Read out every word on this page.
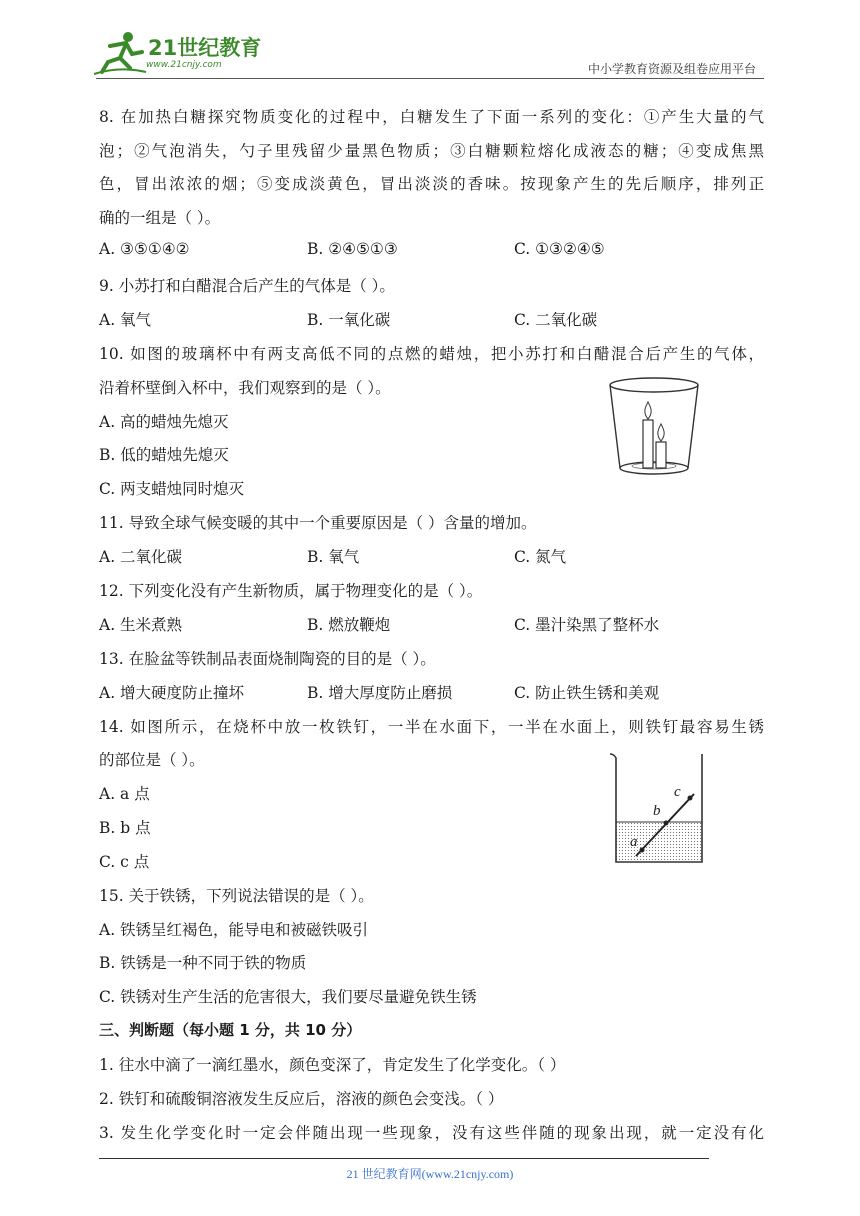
21世纪教育
www.21cnjy.com	中小学教育资源及组卷应用平台
8. 在加热白糖探究物质变化的过程中，白糖发生了下面一系列的变化：①产生大量的气
泡；②气泡消失，勺子里残留少量黑色物质；③白糖颗粒熔化成液态的糖；④变成焦黑
色，冒出浓浓的烟；⑤变成淡黄色，冒出淡淡的香味。按现象产生的先后顺序，排列正
确的一组是（ ）。
A. ③⑤①④②	B. ②④⑤①③	C. ①③②④⑤
9. 小苏打和白醋混合后产生的气体是（ ）。
A. 氧气	B. 一氧化碳	C. 二氧化碳
10. 如图的玻璃杯中有两支高低不同的点燃的蜡烛，把小苏打和白醋混合后产生的气体，
沿着杯壁倒入杯中，我们观察到的是（ ）。
A. 高的蜡烛先熄灭
B. 低的蜡烛先熄灭
C. 两支蜡烛同时熄灭
11. 导致全球气候变暖的其中一个重要原因是（ ）含量的增加。
A. 二氧化碳	B. 氧气	C. 氮气
12. 下列变化没有产生新物质，属于物理变化的是（ ）。
A. 生米煮熟	B. 燃放鞭炮	C. 墨汁染黑了整杯水
13. 在脸盆等铁制品表面烧制陶瓷的目的是（ ）。
A. 增大硬度防止撞坏	B. 增大厚度防止磨损	C. 防止铁生锈和美观
14. 如图所示，在烧杯中放一枚铁钉，一半在水面下，一半在水面上，则铁钉最容易生锈
的部位是（ ）。
A. a 点
B. b 点
C. c 点
15. 关于铁锈，下列说法错误的是（ ）。
A. 铁锈呈红褐色，能导电和被磁铁吸引
B. 铁锈是一种不同于铁的物质
C. 铁锈对生产生活的危害很大，我们要尽量避免铁生锈
三、判断题（每小题 1 分，共 10 分）
1. 往水中滴了一滴红墨水，颜色变深了，肯定发生了化学变化。（ ）
2. 铁钉和硫酸铜溶液发生反应后，溶液的颜色会变浅。（ ）
3. 发生化学变化时一定会伴随出现一些现象，没有这些伴随的现象出现，就一定没有化
a
b
c
21 世纪教育网(www.21cnjy.com)
